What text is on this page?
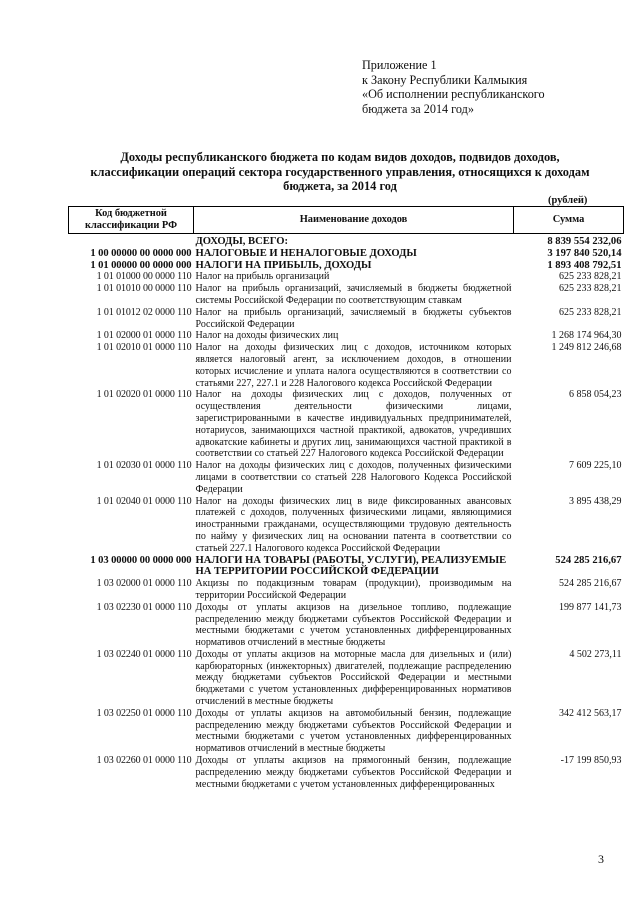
Приложение 1
к Закону Республики Калмыкия
«Об исполнении республиканского
бюджета за 2014 год»
Доходы республиканского бюджета по кодам видов доходов, подвидов доходов, классификации операций сектора государственного управления, относящихся к доходам бюджета, за 2014 год
(рублей)
Код бюджетной классификации РФ	Наименование доходов	Сумма
	ДОХОДЫ, ВСЕГО:	8 839 554 232,06
1 00 00000 00 0000 000	НАЛОГОВЫЕ И НЕНАЛОГОВЫЕ ДОХОДЫ	3 197 840 520,14
1 01 00000 00 0000 000	НАЛОГИ НА ПРИБЫЛЬ, ДОХОДЫ	1 893 408 792,51
1 01 01000 00 0000 110	Налог на прибыль организаций	625 233 828,21
1 01 01010 00 0000 110	Налог на прибыль организаций, зачисляемый в бюджеты бюджетной системы Российской Федерации по соответствующим ставкам	625 233 828,21
1 01 01012 02 0000 110	Налог на прибыль организаций, зачисляемый в бюджеты субъектов Российской Федерации	625 233 828,21
1 01 02000 01 0000 110	Налог на доходы физических лиц	1 268 174 964,30
1 01 02010 01 0000 110	Налог на доходы физических лиц с доходов, источником которых является налоговый агент, за исключением доходов, в отношении которых исчисление и уплата налога осуществляются в соответствии со статьями 227, 227.1 и 228 Налогового кодекса Российской Федерации	1 249 812 246,68
1 01 02020 01 0000 110	Налог на доходы физических лиц с доходов, полученных от осуществления деятельности физическими лицами, зарегистрированными в качестве индивидуальных предпринимателей, нотариусов, занимающихся частной практикой, адвокатов, учредивших адвокатские кабинеты и других лиц, занимающихся частной практикой в соответствии со статьей 227 Налогового кодекса Российской Федерации	6 858 054,23
1 01 02030 01 0000 110	Налог на доходы физических лиц с доходов, полученных физическими лицами в соответствии со статьей 228 Налогового Кодекса Российской Федерации	7 609 225,10
1 01 02040 01 0000 110	Налог на доходы физических лиц в виде фиксированных авансовых платежей с доходов, полученных физическими лицами, являющимися иностранными гражданами, осуществляющими трудовую деятельность по найму у физических лиц на основании патента в соответствии со статьей 227.1 Налогового кодекса Российской Федерации	3 895 438,29
1 03 00000 00 0000 000	НАЛОГИ НА ТОВАРЫ (РАБОТЫ, УСЛУГИ), РЕАЛИЗУЕМЫЕ НА ТЕРРИТОРИИ РОССИЙСКОЙ ФЕДЕРАЦИИ	524 285 216,67
1 03 02000 01 0000 110	Акцизы по подакцизным товарам (продукции), производимым на территории Российской Федерации	524 285 216,67
1 03 02230 01 0000 110	Доходы от уплаты акцизов на дизельное топливо, подлежащие распределению между бюджетами субъектов Российской Федерации и местными бюджетами с учетом установленных дифференцированных нормативов отчислений в местные бюджеты	199 877 141,73
1 03 02240 01 0000 110	Доходы от уплаты акцизов на моторные масла для дизельных и (или) карбюраторных (инжекторных) двигателей, подлежащие распределению между бюджетами субъектов Российской Федерации и местными бюджетами с учетом установленных дифференцированных нормативов отчислений в местные бюджеты	4 502 273,11
1 03 02250 01 0000 110	Доходы от уплаты акцизов на автомобильный бензин, подлежащие распределению между бюджетами субъектов Российской Федерации и местными бюджетами с учетом установленных дифференцированных нормативов отчислений в местные бюджеты	342 412 563,17
1 03 02260 01 0000 110	Доходы от уплаты акцизов на прямогонный бензин, подлежащие распределению между бюджетами субъектов Российской Федерации и местными бюджетами с учетом установленных дифференцированных	-17 199 850,93
3
